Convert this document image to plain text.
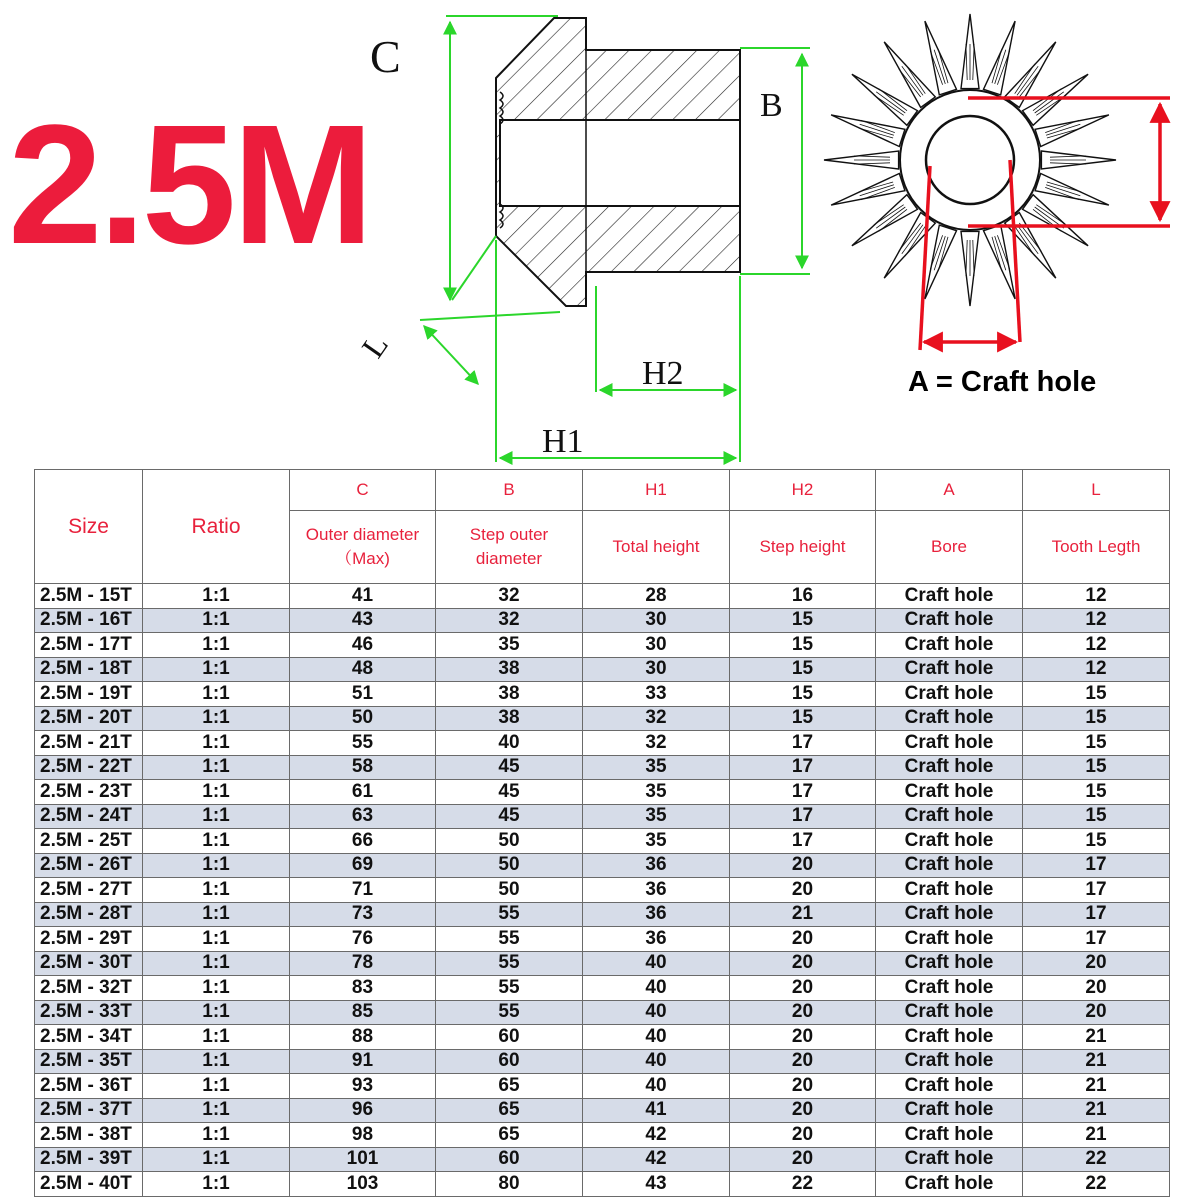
2.5M
C
B
L
H2
H1
A = Craft hole
Size	Ratio	C	B	H1	H2	A	L
		Outer diameter（Max)	Step outer diameter	Total height	Step height	Bore	Tooth Legth
2.5M - 15T	1:1	41	32	28	16	Craft hole	12
2.5M - 16T	1:1	43	32	30	15	Craft hole	12
2.5M - 17T	1:1	46	35	30	15	Craft hole	12
2.5M - 18T	1:1	48	38	30	15	Craft hole	12
2.5M - 19T	1:1	51	38	33	15	Craft hole	15
2.5M - 20T	1:1	50	38	32	15	Craft hole	15
2.5M - 21T	1:1	55	40	32	17	Craft hole	15
2.5M - 22T	1:1	58	45	35	17	Craft hole	15
2.5M - 23T	1:1	61	45	35	17	Craft hole	15
2.5M - 24T	1:1	63	45	35	17	Craft hole	15
2.5M - 25T	1:1	66	50	35	17	Craft hole	15
2.5M - 26T	1:1	69	50	36	20	Craft hole	17
2.5M - 27T	1:1	71	50	36	20	Craft hole	17
2.5M - 28T	1:1	73	55	36	21	Craft hole	17
2.5M - 29T	1:1	76	55	36	20	Craft hole	17
2.5M - 30T	1:1	78	55	40	20	Craft hole	20
2.5M - 32T	1:1	83	55	40	20	Craft hole	20
2.5M - 33T	1:1	85	55	40	20	Craft hole	20
2.5M - 34T	1:1	88	60	40	20	Craft hole	21
2.5M - 35T	1:1	91	60	40	20	Craft hole	21
2.5M - 36T	1:1	93	65	40	20	Craft hole	21
2.5M - 37T	1:1	96	65	41	20	Craft hole	21
2.5M - 38T	1:1	98	65	42	20	Craft hole	21
2.5M - 39T	1:1	101	60	42	20	Craft hole	22
2.5M - 40T	1:1	103	80	43	22	Craft hole	22
